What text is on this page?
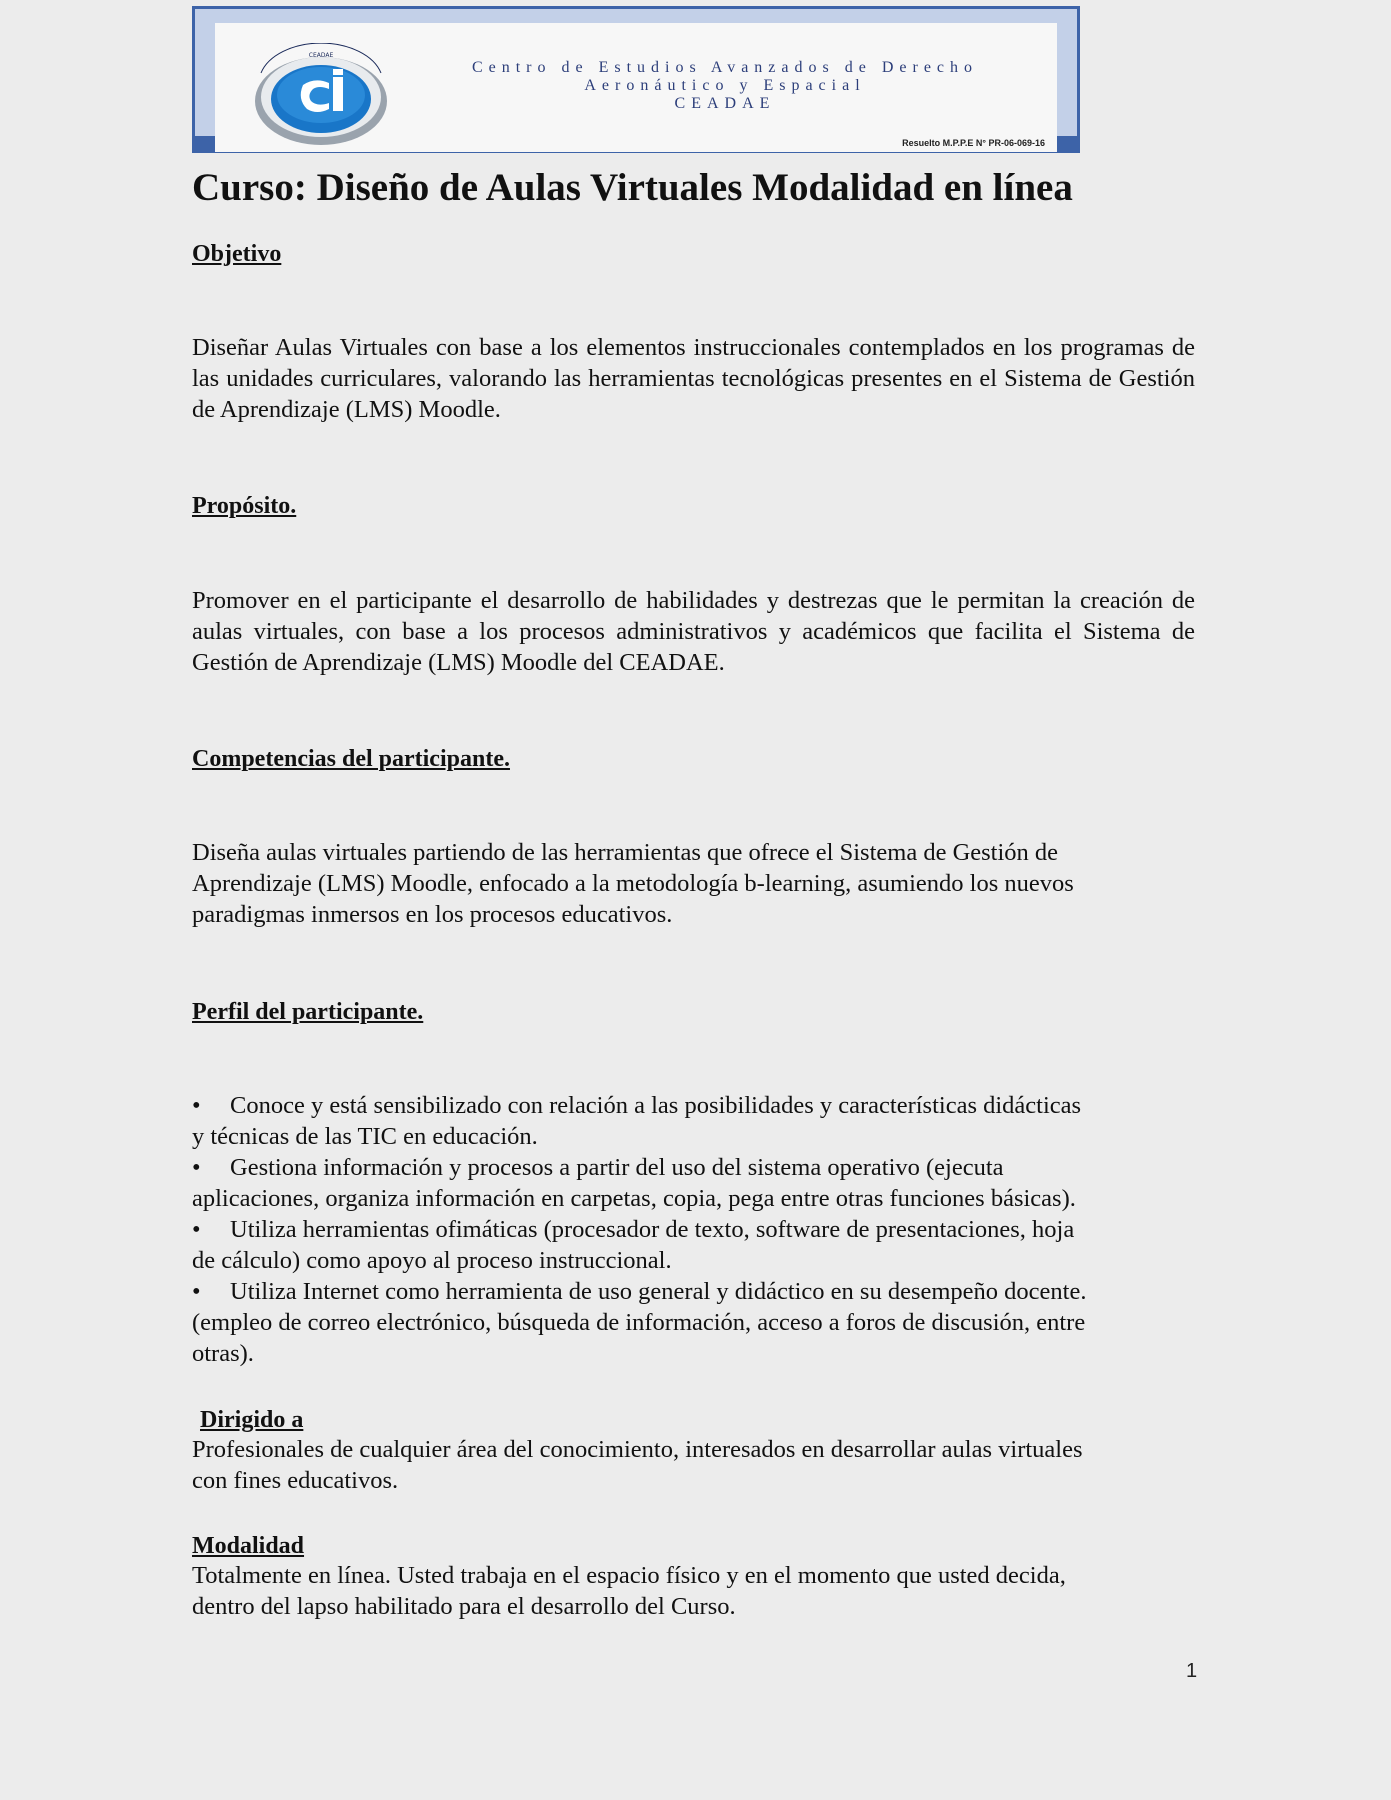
CEADAE
Centro de Estudios Avanzados de Derecho
Aeronáutico y Espacial
CEADAE
Resuelto M.P.P.E N° PR-06-069-16
Curso: Diseño de Aulas Virtuales Modalidad en línea
Objetivo

Diseñar Aulas Virtuales con base a los elementos instruccionales contemplados en los programas de las unidades curriculares, valorando las herramientas tecnológicas presentes en el Sistema de Gestión de Aprendizaje (LMS) Moodle.

Propósito.

Promover en el participante el desarrollo de habilidades y destrezas que le permitan la creación de aulas virtuales, con base a los procesos administrativos y académicos que facilita el Sistema de Gestión de Aprendizaje (LMS) Moodle del CEADAE.

Competencias del participante.
Diseña aulas virtuales partiendo de las herramientas que ofrece el Sistema de Gestión de
Aprendizaje (LMS) Moodle, enfocado a la metodología b-learning, asumiendo los nuevos
paradigmas inmersos en los procesos educativos.
Perfil del participante.
• Conoce y está sensibilizado con relación a las posibilidades y características didácticas
y técnicas de las TIC en educación.
• Gestiona información y procesos a partir del uso del sistema operativo (ejecuta
aplicaciones, organiza información en carpetas, copia, pega entre otras funciones básicas).
• Utiliza herramientas ofimáticas (procesador de texto, software de presentaciones, hoja
de cálculo) como apoyo al proceso instruccional.
• Utiliza Internet como herramienta de uso general y didáctico en su desempeño docente.
(empleo de correo electrónico, búsqueda de información, acceso a foros de discusión, entre
otras).
Dirigido a
Profesionales de cualquier área del conocimiento, interesados en desarrollar aulas virtuales
con fines educativos.
Modalidad
Totalmente en línea. Usted trabaja en el espacio físico y en el momento que usted decida,
dentro del lapso habilitado para el desarrollo del Curso.
1
